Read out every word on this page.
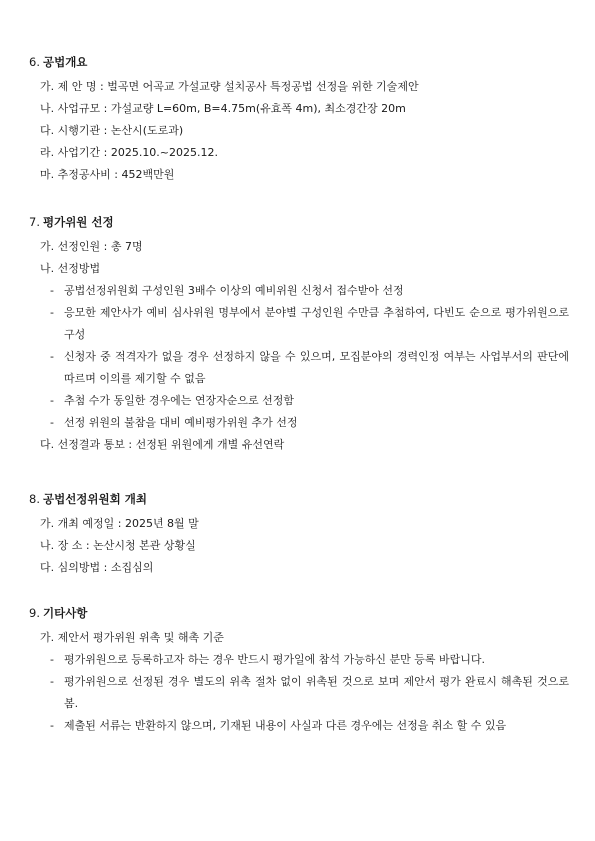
6. 공법개요

가. 제 안 명 : 벌곡면 어곡교 가설교량 설치공사 특정공법 선정을 위한 기술제안
나. 사업규모 : 가설교량 L=60m, B=4.75m(유효폭 4m), 최소경간장 20m
다. 시행기관 : 논산시(도로과)
라. 사업기간 : 2025.10.~2025.12.
마. 추정공사비 : 452백만원

7. 평가위원 선정

가. 선정인원 : 총 7명
나. 선정방법
- 공법선정위원회 구성인원 3배수 이상의 예비위원 신청서 접수받아 선정
- 응모한 제안사가 예비 심사위원 명부에서 분야별 구성인원 수만큼 추첨하여, 다빈도 순으로 평가위원으로 구성
- 신청자 중 적격자가 없을 경우 선정하지 않을 수 있으며, 모집분야의 경력인정 여부는 사업부서의 판단에 따르며 이의를 제기할 수 없음
- 추첨 수가 동일한 경우에는 연장자순으로 선정함
- 선정 위원의 불참을 대비 예비평가위원 추가 선정
다. 선정결과 통보 : 선정된 위원에게 개별 유선연락

8. 공법선정위원회 개최

가. 개최 예정일 : 2025년 8월 말
나. 장 소 : 논산시청 본관 상황실
다. 심의방법 : 소집심의

9. 기타사항

가. 제안서 평가위원 위촉 및 해촉 기준
- 평가위원으로 등록하고자 하는 경우 반드시 평가일에 참석 가능하신 분만 등록 바랍니다.
- 평가위원으로 선정된 경우 별도의 위촉 절차 없이 위촉된 것으로 보며 제안서 평가 완료시 해촉된 것으로 봄.
- 제출된 서류는 반환하지 않으며, 기재된 내용이 사실과 다른 경우에는 선정을 취소 할 수 있음
